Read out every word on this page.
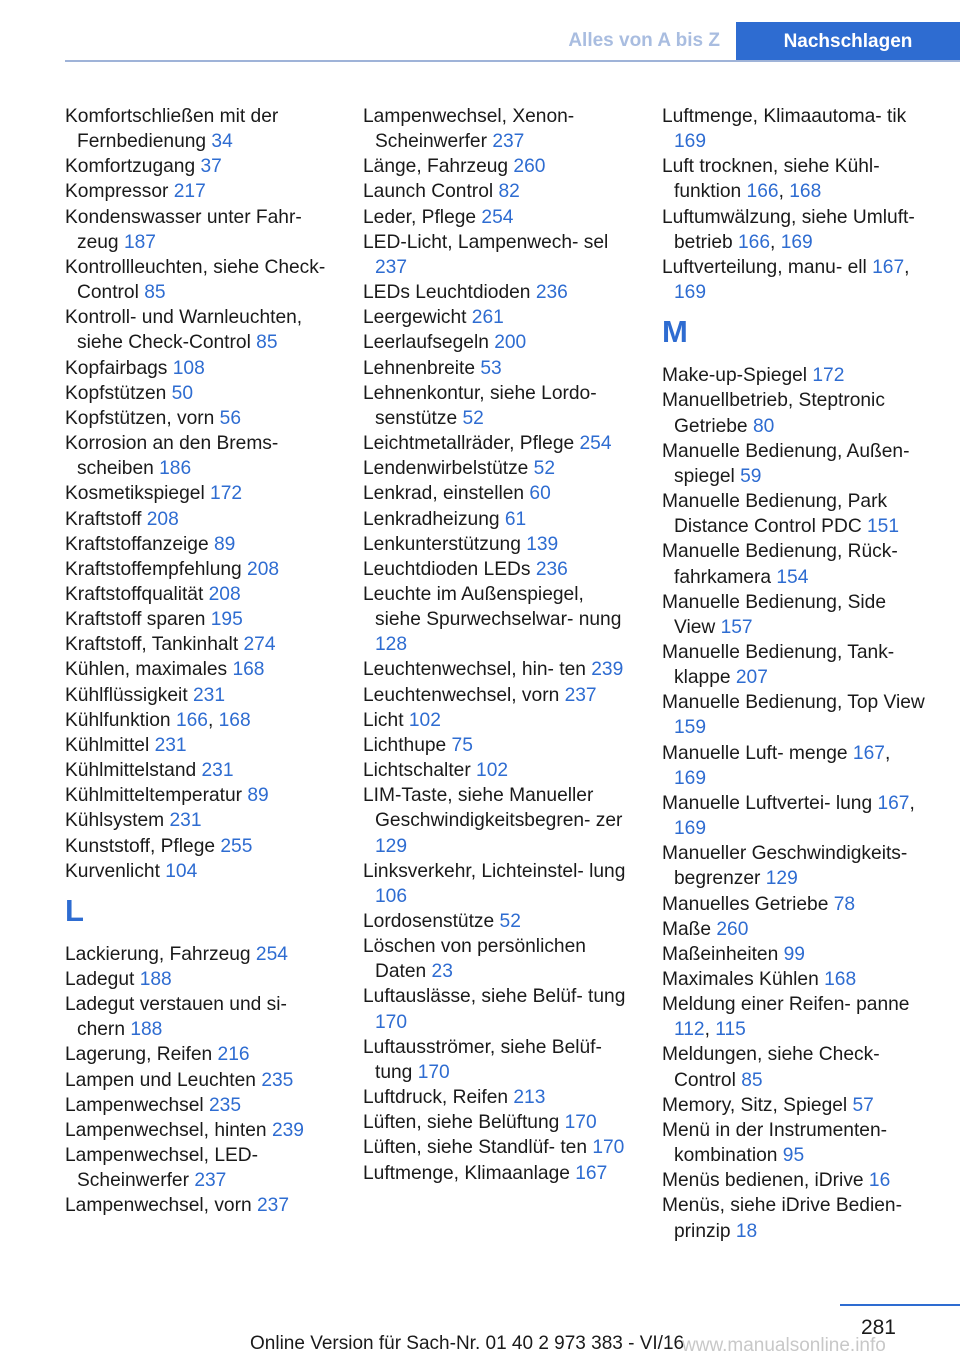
Alles von A bis Z	Nachschlagen
Komfortschließen mit der Fernbedienung 34
Komfortzugang 37
Kompressor 217
Kondenswasser unter Fahr‐ zeug 187
Kontrollleuchten, siehe Check-Control 85
Kontroll- und Warnleuchten, siehe Check-Control 85
Kopfairbags 108
Kopfstützen 50
Kopfstützen, vorn 56
Korrosion an den Brems‐ scheiben 186
Kosmetikspiegel 172
Kraftstoff 208
Kraftstoffanzeige 89
Kraftstoffempfehlung 208
Kraftstoffqualität 208
Kraftstoff sparen 195
Kraftstoff, Tankinhalt 274
Kühlen, maximales 168
Kühlflüssigkeit 231
Kühlfunktion 166, 168
Kühlmittel 231
Kühlmittelstand 231
Kühlmitteltemperatur 89
Kühlsystem 231
Kunststoff, Pflege 255
Kurvenlicht 104
L
Lackierung, Fahrzeug 254
Ladegut 188
Ladegut verstauen und si‐ chern 188
Lagerung, Reifen 216
Lampen und Leuchten 235
Lampenwechsel 235
Lampenwechsel, hinten 239
Lampenwechsel, LED- Scheinwerfer 237
Lampenwechsel, vorn 237
Lampenwechsel, Xenon- Scheinwerfer 237
Länge, Fahrzeug 260
Launch Control 82
Leder, Pflege 254
LED-Licht, Lampenwech‐ sel 237
LEDs Leuchtdioden 236
Leergewicht 261
Leerlaufsegeln 200
Lehnenbreite 53
Lehnenkontur, siehe Lordo‐ senstütze 52
Leichtmetallräder, Pflege 254
Lendenwirbelstütze 52
Lenkrad, einstellen 60
Lenkradheizung 61
Lenkunterstützung 139
Leuchtdioden LEDs 236
Leuchte im Außenspiegel, siehe Spurwechselwar‐ nung 128
Leuchtenwechsel, hin‐ ten 239
Leuchtenwechsel, vorn 237
Licht 102
Lichthupe 75
Lichtschalter 102
LIM-Taste, siehe Manueller Geschwindigkeitsbegren‐ zer 129
Linksverkehr, Lichteinstel‐ lung 106
Lordosenstütze 52
Löschen von persönlichen Daten 23
Luftauslässe, siehe Belüf‐ tung 170
Luftausströmer, siehe Belüf‐ tung 170
Luftdruck, Reifen 213
Lüften, siehe Belüftung 170
Lüften, siehe Standlüf‐ ten 170
Luftmenge, Klimaanlage 167
Luftmenge, Klimaautoma‐ tik 169
Luft trocknen, siehe Kühl‐ funktion 166, 168
Luftumwälzung, siehe Umluft‐ betrieb 166, 169
Luftverteilung, manu‐ ell 167, 169
M
Make-up-Spiegel 172
Manuellbetrieb, Steptronic Getriebe 80
Manuelle Bedienung, Außen‐ spiegel 59
Manuelle Bedienung, Park Distance Control PDC 151
Manuelle Bedienung, Rück‐ fahrkamera 154
Manuelle Bedienung, Side View 157
Manuelle Bedienung, Tank‐ klappe 207
Manuelle Bedienung, Top View 159
Manuelle Luft‐ menge 167, 169
Manuelle Luftvertei‐ lung 167, 169
Manueller Geschwindigkeits‐ begrenzer 129
Manuelles Getriebe 78
Maße 260
Maßeinheiten 99
Maximales Kühlen 168
Meldung einer Reifen‐ panne 112, 115
Meldungen, siehe Check- Control 85
Memory, Sitz, Spiegel 57
Menü in der Instrumenten‐ kombination 95
Menüs bedienen, iDrive 16
Menüs, siehe iDrive Bedien‐ prinzip 18
281
Online Version für Sach-Nr. 01 40 2 973 383 - VI/16
www.manualsonline.info
